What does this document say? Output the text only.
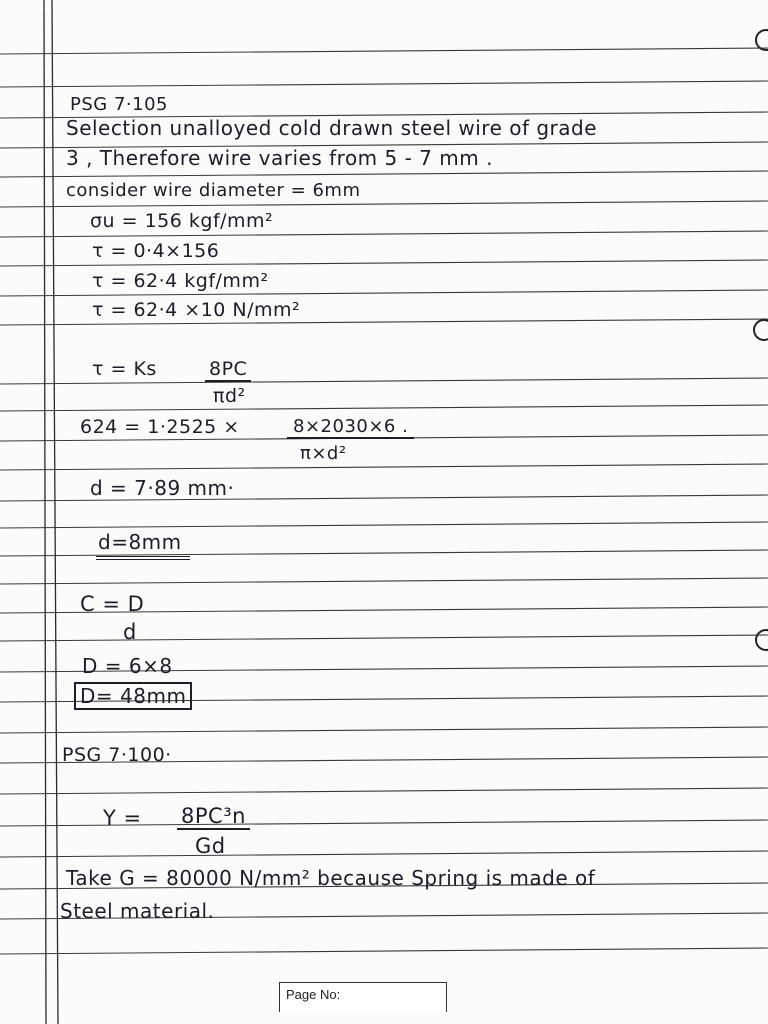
PSG 7·105
Selection unalloyed cold drawn steel wire of grade
3 , Therefore wire varies from 5 - 7 mm .
consider wire diameter = 6mm
σu = 156 kgf/mm²
τ = 0·4×156
τ = 62·4 kgf/mm²
τ = 62·4 ×10 N/mm²
τ = Ks	8PC
πd²
624 = 1·2525 ×	8×2030×6 .
π×d²
d = 7·89 mm·
d=8mm
C = D
d
D = 6×8
D= 48mm
PSG 7·100·
Y = 8PC³n
Gd
Take G = 80000 N/mm² because Spring is made of
Steel material.
Page No:
